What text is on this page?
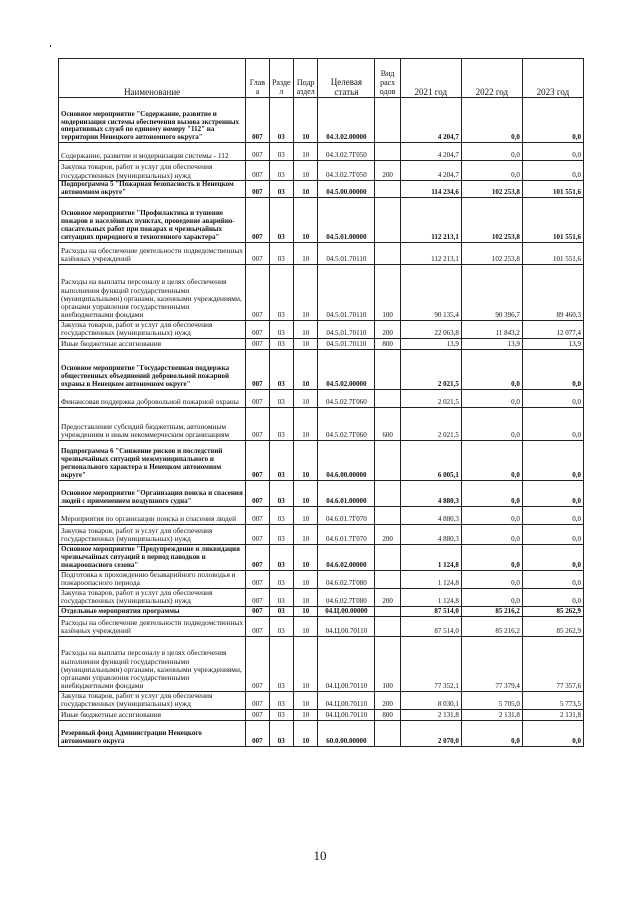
Наименование	Глав а	Разде л	Подр аздел	Целевая статья	Вид расх одов	2021 год	2022 год	2023 год
Основное мероприятие "Содержание, развитие и модернизация системы обеспечения вызова экстренных оперативных служб по единому номеру "112" на территории Ненецкого автономного округа"	007	03	10	04.3.02.00000		4 204,7	0,0	0,0
Содержание, развитие и модернизация системы - 112	007	03	10	04.3.02.7Г050		4 204,7	0,0	0,0
Закупка товаров, работ и услуг для обеспечения государственных (муниципальных) нужд	007	03	10	04.3.02.7Г050	200	4 204,7	0,0	0,0
Подпрограмма 5 "Пожарная безопасность в Ненецком автономном округе"	007	03	10	04.5.00.00000		114 234,6	102 253,8	101 551,6
Основное мероприятие "Профилактика и тушение пожаров в населённых пунктах, проведение аварийно-спасательных работ при пожарах и чрезвычайных ситуациях природного и техногенного характера"	007	03	10	04.5.01.00000		112 213,1	102 253,8	101 551,6
Расходы на обеспечение деятельности подведомственных казённых учреждений	007	03	10	04.5.01.70110		112 213,1	102 253,8	101 551,6
Расходы на выплаты персоналу в целях обеспечения выполнения функций государственными (муниципальными) органами, казенными учреждениями, органами управления государственными внебюджетными фондами	007	03	10	04.5.01.70110	100	90 135,4	90 396,7	89 460,3
Закупка товаров, работ и услуг для обеспечения государственных (муниципальных) нужд	007	03	10	04.5.01.70110	200	22 063,8	11 843,2	12 077,4
Иные бюджетные ассигнования	007	03	10	04.5.01.70110	800	13,9	13,9	13,9
Основное мероприятие "Государственная поддержка общественных объединений добровольной пожарной охраны в Ненецком автономном округе"	007	03	10	04.5.02.00000		2 021,5	0,0	0,0
Финансовая поддержка добровольной пожарной охраны	007	03	10	04.5.02.7Г060		2 021,5	0,0	0,0
Предоставление субсидий бюджетным, автономным учреждениям и иным некоммерческим организациям	007	03	10	04.5.02.7Г060	600	2 021,5	0,0	0,0
Подпрограмма 6 "Снижение рисков и последствий чрезвычайных ситуаций межмуниципального и регионального характера в Ненецком автономном округе"	007	03	10	04.6.00.00000		6 005,1	0,0	0,0
Основное мероприятие "Организация поиска и спасения людей с применением воздушного судна"	007	03	10	04.6.01.00000		4 880,3	0,0	0,0
Мероприятия по организации поиска и спасения людей	007	03	10	04.6.01.7Г070		4 880,3	0,0	0,0
Закупка товаров, работ и услуг для обеспечения государственных (муниципальных) нужд	007	03	10	04.6.01.7Г070	200	4 880,3	0,0	0,0
Основное мероприятие "Предупреждение и ликвидация чрезвычайных ситуаций в период паводков и пожароопасного сезона"	007	03	10	04.6.02.00000		1 124,8	0,0	0,0
Подготовка к прохождению безаварийного половодья и пожароопасного периода	007	03	10	04.6.02.7Г080		1 124,8	0,0	0,0
Закупка товаров, работ и услуг для обеспечения государственных (муниципальных) нужд	007	03	10	04.6.02.7Г080	200	1 124,8	0,0	0,0
Отдельные мероприятия программы	007	03	10	04.Ц.00.00000		87 514,0	85 216,2	85 262,9
Расходы на обеспечение деятельности подведомственных казённых учреждений	007	03	10	04.Ц.00.70110		87 514,0	85 216,2	85 262,9
Расходы на выплаты персоналу в целях обеспечения выполнения функций государственными (муниципальными) органами, казенными учреждениями, органами управления государственными внебюджетными фондами	007	03	10	04.Ц.00.70110	100	77 352,1	77 379,4	77 357,6
Закупка товаров, работ и услуг для обеспечения государственных (муниципальных) нужд	007	03	10	04.Ц.00.70110	200	8 030,1	5 705,0	5 773,5
Иные бюджетные ассигнования	007	03	10	04.Ц.00.70110	800	2 131,8	2 131,8	2 131,8
Резервный фонд Администрации Ненецкого автономного округа	007	03	10	60.0.00.00000		2 070,0	0,0	0,0
10
